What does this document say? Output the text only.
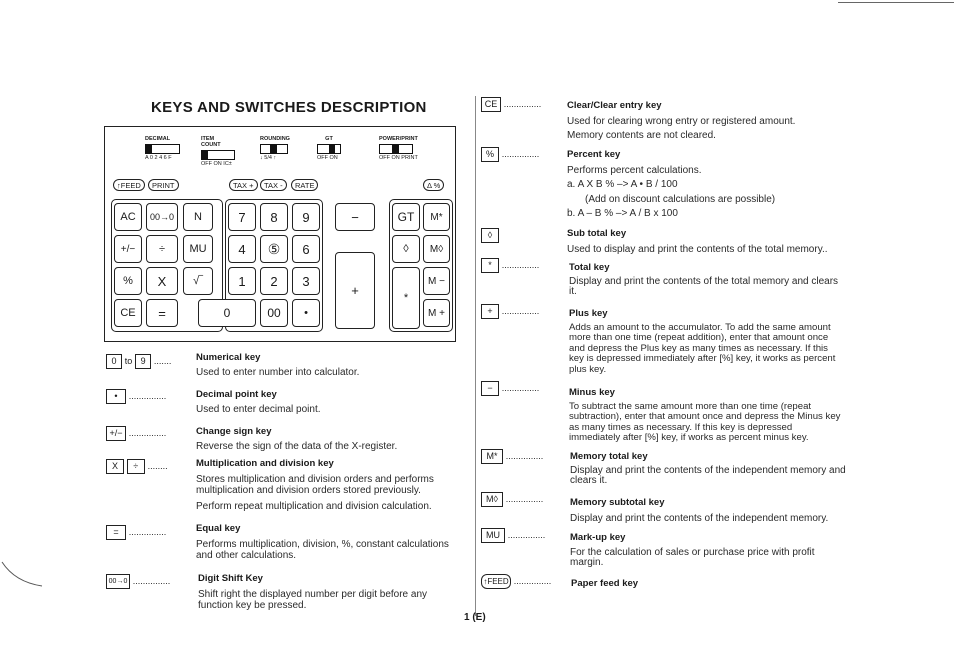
KEYS AND SWITCHES DESCRIPTION
DECIMAL
A 0 2 4 6 F
ITEM COUNT
OFF ON IC±
ROUNDING
↓ 5/4 ↑
GT
OFF ON
POWER/PRINT
OFF ON PRINT
↑FEED	PRINT	TAX +	TAX -	RATE	Δ %
AC	00→0	N	7	8	9	−	GT	M*
+/−	÷	MU	4	⑤	6	◊	M◊
%	X	√‾	1	2	3
+	*
M −
CE	=	0	00	•	M +
0 to 9 .......	Numerical key
Used to enter number into calculator.
• ...............	Decimal point key
Used to enter decimal point.
+/− ...............	Change sign key
Reverse the sign of the data of the X-register.
X ÷ ........	Multiplication and division key
Stores multiplication and division orders and performs multiplication and division orders stored previously.
Perform repeat multiplication and division calculation.
= ...............	Equal key
Performs multiplication, division, %, constant calculations and other calculations.
00→0 ...............	Digit Shift Key
Shift right the displayed number per digit before any function key be pressed.
1 (E)
CE ...............	Clear/Clear entry key
Used for clearing wrong entry or registered amount.
Memory contents are not cleared.
% ...............	Percent key
Performs percent calculations.
a. A X B % –> A • B / 100
(Add on discount calculations are possible)
b. A – B % –> A / B x 100
◊	Sub total key
Used to display and print the contents of the total memory..
* ...............	Total key
Display and print the contents of the total memory and clears it.
+ ...............	Plus key
Adds an amount to the accumulator. To add the same amount more than one time (repeat addition), enter that amount once and depress the Plus key as many times as necessary. If this key is depressed immediately after [%] key, it works as percent plus key.
− ...............	Minus key
To subtract the same amount more than one time (repeat subtraction), enter that amount once and depress the Minus key as many times as necessary. If this key is depressed immediately after [%] key, if works as percent minus key.
M* ...............	Memory total key
Display and print the contents of the independent memory and clears it.
M◊ ...............	Memory subtotal key
Display and print the contents of the independent memory.
MU ...............	Mark-up key
For the calculation of sales or purchase price with profit margin.
↑FEED ............... Paper feed key
